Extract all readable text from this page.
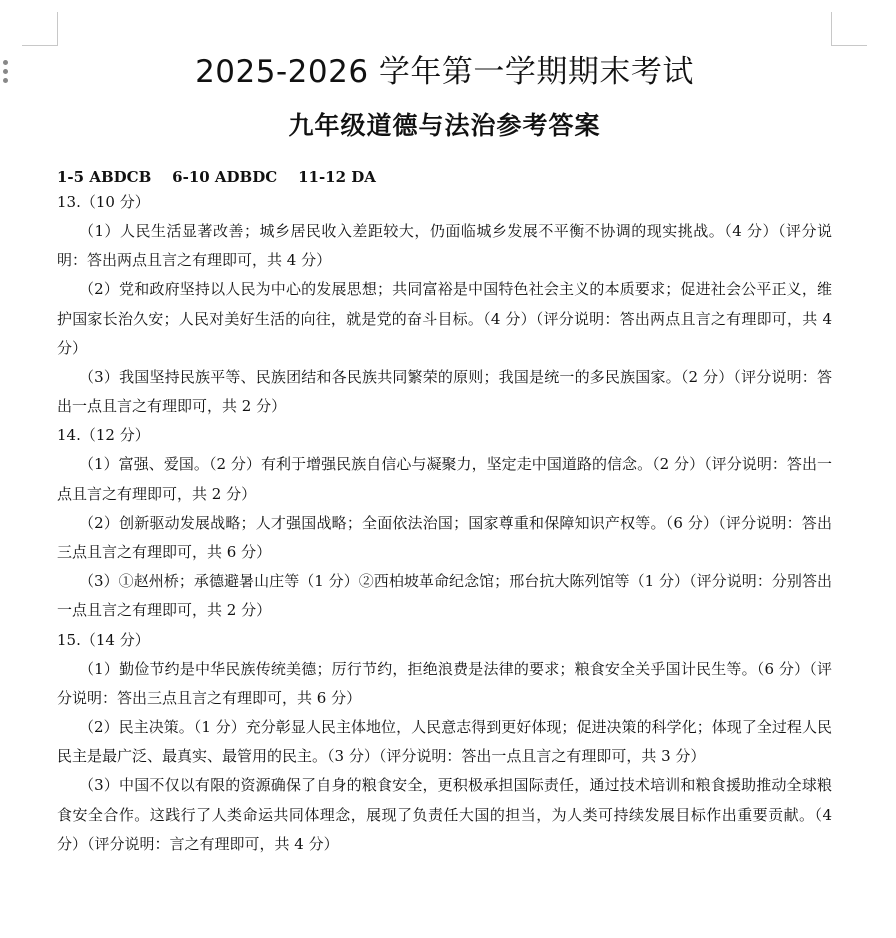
2025-2026 学年第一学期期末考试
九年级道德与法治参考答案
1-5 ABDCB    6-10 ADBDC    11-12 DA
13.（10 分）

（1）人民生活显著改善；城乡居民收入差距较大，仍面临城乡发展不平衡不协调的现实挑战。（4 分）（评分说明：答出两点且言之有理即可，共 4 分）

（2）党和政府坚持以人民为中心的发展思想；共同富裕是中国特色社会主义的本质要求；促进社会公平正义，维护国家长治久安；人民对美好生活的向往，就是党的奋斗目标。（4 分）（评分说明：答出两点且言之有理即可，共 4 分）

（3）我国坚持民族平等、民族团结和各民族共同繁荣的原则；我国是统一的多民族国家。（2 分）（评分说明：答出一点且言之有理即可，共 2 分）

14.（12 分）

（1）富强、爱国。（2 分）有利于增强民族自信心与凝聚力，坚定走中国道路的信念。（2 分）（评分说明：答出一点且言之有理即可，共 2 分）

（2）创新驱动发展战略；人才强国战略；全面依法治国；国家尊重和保障知识产权等。（6 分）（评分说明：答出三点且言之有理即可，共 6 分）

（3）①赵州桥；承德避暑山庄等（1 分）②西柏坡革命纪念馆；邢台抗大陈列馆等（1 分）（评分说明：分别答出一点且言之有理即可，共 2 分）

15.（14 分）

（1）勤俭节约是中华民族传统美德；厉行节约，拒绝浪费是法律的要求；粮食安全关乎国计民生等。（6 分）（评分说明：答出三点且言之有理即可，共 6 分）

（2）民主决策。（1 分）充分彰显人民主体地位，人民意志得到更好体现；促进决策的科学化；体现了全过程人民民主是最广泛、最真实、最管用的民主。（3 分）（评分说明：答出一点且言之有理即可，共 3 分）

（3）中国不仅以有限的资源确保了自身的粮食安全，更积极承担国际责任，通过技术培训和粮食援助推动全球粮食安全合作。这践行了人类命运共同体理念，展现了负责任大国的担当，为人类可持续发展目标作出重要贡献。（4 分）（评分说明：言之有理即可，共 4 分）
